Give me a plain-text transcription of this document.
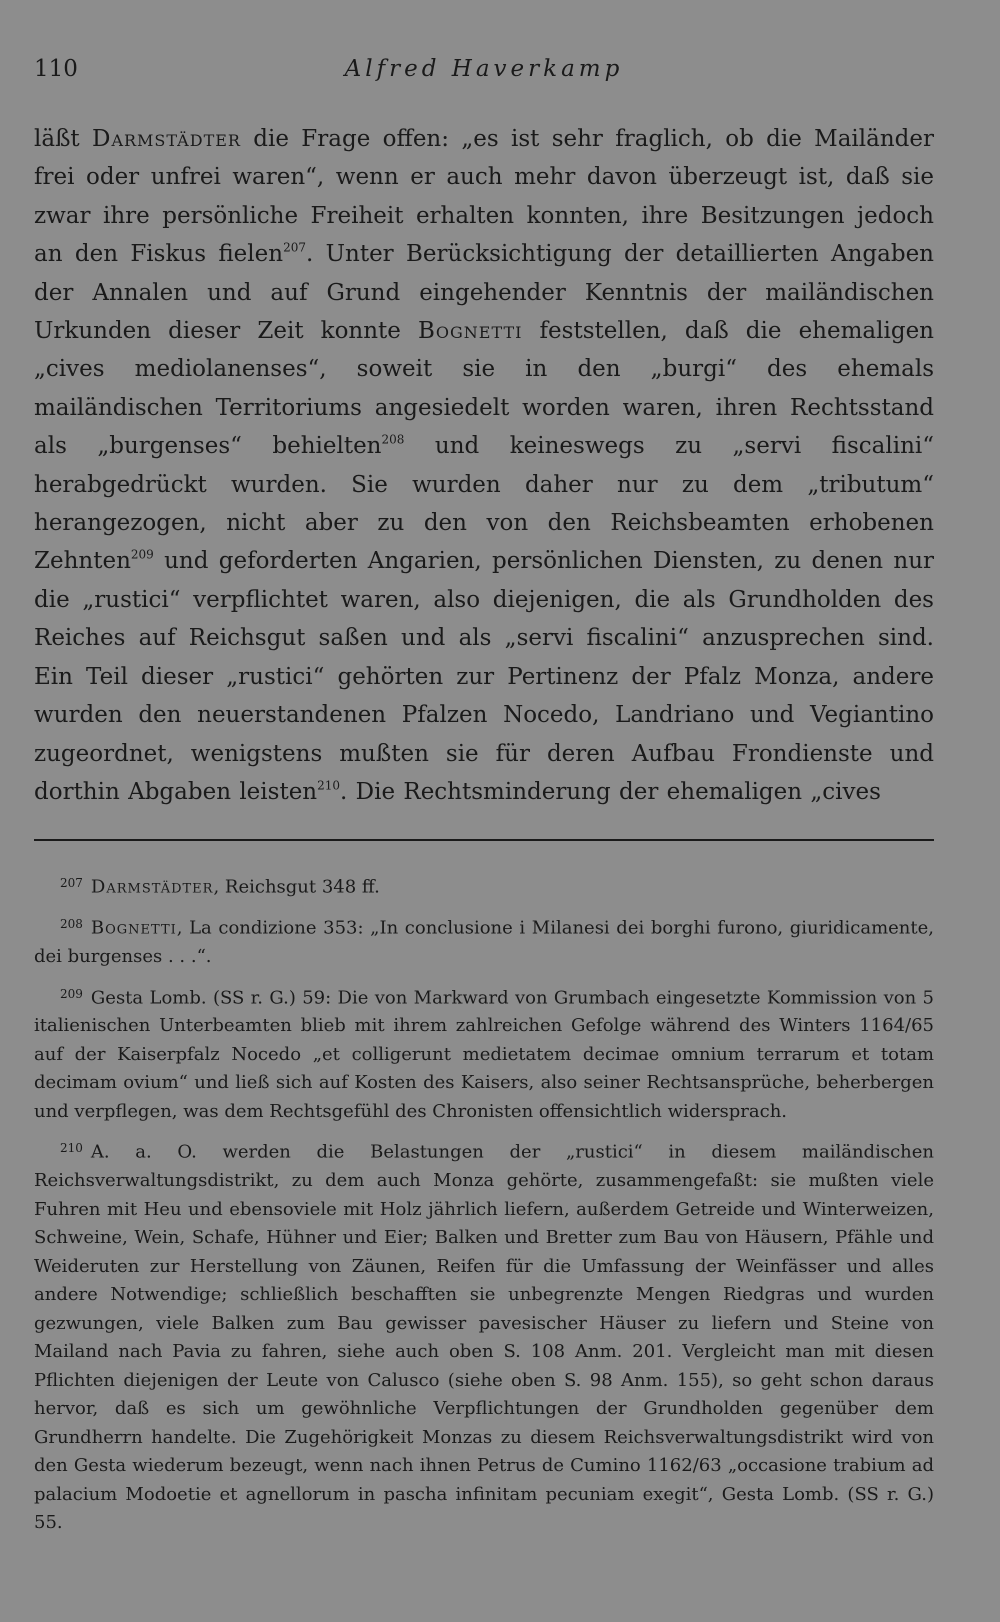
110	Alfred Haverkamp
läßt Darmstädter die Frage offen: „es ist sehr fraglich, ob die Mailänder frei oder unfrei waren“, wenn er auch mehr davon überzeugt ist, daß sie zwar ihre persönliche Freiheit erhalten konnten, ihre Besitzungen jedoch an den Fiskus fielen$^{207}$. Unter Berücksichtigung der detaillierten Angaben der Annalen und auf Grund eingehender Kenntnis der mailändischen Urkunden dieser Zeit konnte Bognetti feststellen, daß die ehemaligen „cives mediolanenses“, soweit sie in den „burgi“ des ehemals mailändischen Territoriums angesiedelt worden waren, ihren Rechtsstand als „burgenses“ behielten$^{208}$ und keineswegs zu „servi fiscalini“ herabgedrückt wurden. Sie wurden daher nur zu dem „tributum“ herangezogen, nicht aber zu den von den Reichsbeamten erhobenen Zehnten$^{209}$ und geforderten Angarien, persönlichen Diensten, zu denen nur die „rustici“ verpflichtet waren, also diejenigen, die als Grundholden des Reiches auf Reichsgut saßen und als „servi fiscalini“ anzusprechen sind. Ein Teil dieser „rustici“ gehörten zur Pertinenz der Pfalz Monza, andere wurden den neuerstandenen Pfalzen Nocedo, Landriano und Vegiantino zugeordnet, wenigstens mußten sie für deren Aufbau Frondienste und dorthin Abgaben leisten$^{210}$. Die Rechtsminderung der ehemaligen „cives

$^{207}$ Darmstädter, Reichsgut 348 ff.

$^{208}$ Bognetti, La condizione 353: „In conclusione i Milanesi dei borghi furono, giuridicamente, dei burgenses . . .“.

$^{209}$ Gesta Lomb. (SS r. G.) 59: Die von Markward von Grumbach eingesetzte Kommission von 5 italienischen Unterbeamten blieb mit ihrem zahlreichen Gefolge während des Winters 1164/65 auf der Kaiserpfalz Nocedo „et colligerunt medietatem decimae omnium terrarum et totam decimam ovium“ und ließ sich auf Kosten des Kaisers, also seiner Rechtsansprüche, beherbergen und verpflegen, was dem Rechtsgefühl des Chronisten offensichtlich widersprach.

$^{210}$ A. a. O. werden die Belastungen der „rustici“ in diesem mailändischen Reichsverwaltungsdistrikt, zu dem auch Monza gehörte, zusammengefaßt: sie mußten viele Fuhren mit Heu und ebensoviele mit Holz jährlich liefern, außerdem Getreide und Winterweizen, Schweine, Wein, Schafe, Hühner und Eier; Balken und Bretter zum Bau von Häusern, Pfähle und Weideruten zur Herstellung von Zäunen, Reifen für die Umfassung der Weinfässer und alles andere Notwendige; schließlich beschafften sie unbegrenzte Mengen Riedgras und wurden gezwungen, viele Balken zum Bau gewisser pavesischer Häuser zu liefern und Steine von Mailand nach Pavia zu fahren, siehe auch oben S. 108 Anm. 201. Vergleicht man mit diesen Pflichten diejenigen der Leute von Calusco (siehe oben S. 98 Anm. 155), so geht schon daraus hervor, daß es sich um gewöhnliche Verpflichtungen der Grundholden gegenüber dem Grundherrn handelte. Die Zugehörigkeit Monzas zu diesem Reichsverwaltungsdistrikt wird von den Gesta wiederum bezeugt, wenn nach ihnen Petrus de Cumino 1162/63 „occasione trabium ad palacium Modoetie et agnellorum in pascha infinitam pecuniam exegit“, Gesta Lomb. (SS r. G.) 55.
